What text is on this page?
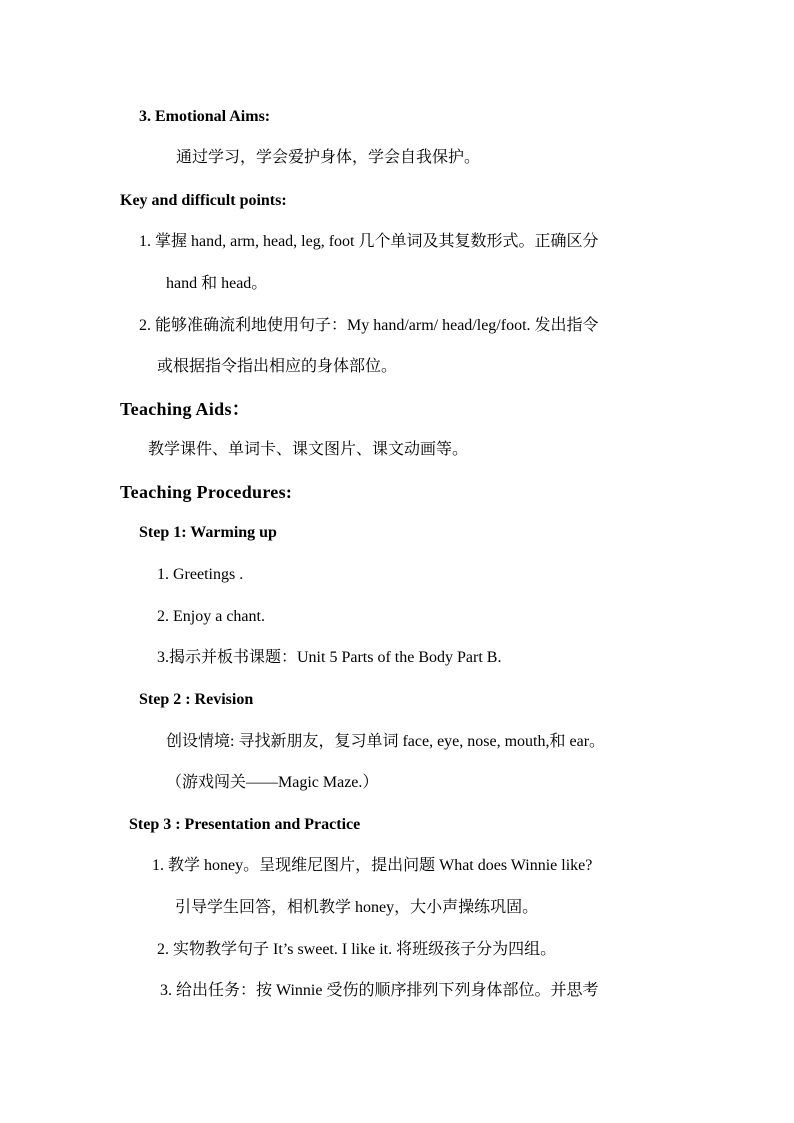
3. Emotional Aims:
通过学习，学会爱护身体，学会自我保护。
Key and difficult points:
1. 掌握 hand, arm, head, leg, foot 几个单词及其复数形式。正确区分
hand 和 head。
2. 能够准确流利地使用句子：My hand/arm/ head/leg/foot. 发出指令
或根据指令指出相应的身体部位。
Teaching Aids：
教学课件、单词卡、课文图片、课文动画等。
Teaching Procedures:
Step 1: Warming up
1. Greetings .
2. Enjoy a chant.
3.揭示并板书课题：Unit 5 Parts of the Body Part B.
Step 2 : Revision
创设情境: 寻找新朋友，复习单词 face, eye, nose, mouth,和 ear。
（游戏闯关——Magic Maze.）
Step 3 : Presentation and Practice
1. 教学 honey。呈现维尼图片，提出问题 What does Winnie like?
引导学生回答，相机教学 honey，大小声操练巩固。
2. 实物教学句子 It’s sweet. I like it. 将班级孩子分为四组。
3. 给出任务：按 Winnie 受伤的顺序排列下列身体部位。并思考
